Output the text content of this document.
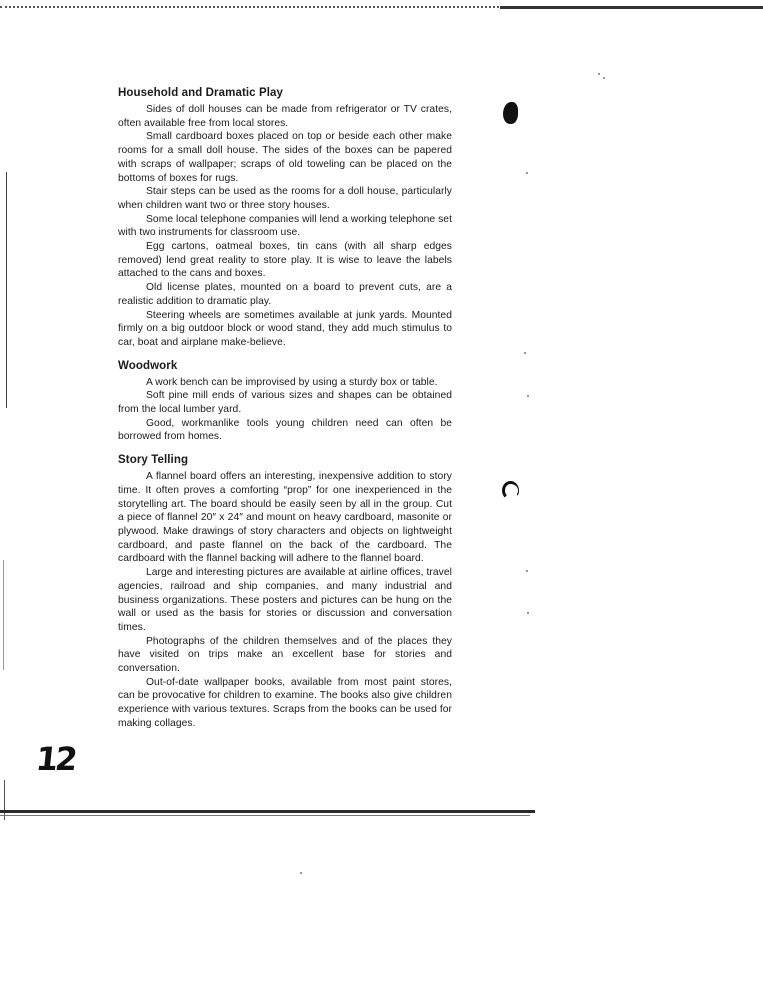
Household and Dramatic Play

Sides of doll houses can be made from refrigerator or TV crates, often available free from local stores.

Small cardboard boxes placed on top or beside each other make rooms for a small doll house. The sides of the boxes can be papered with scraps of wallpaper; scraps of old toweling can be placed on the bottoms of boxes for rugs.

Stair steps can be used as the rooms for a doll house, particularly when children want two or three story houses.

Some local telephone companies will lend a working telephone set with two instruments for classroom use.

Egg cartons, oatmeal boxes, tin cans (with all sharp edges removed) lend great reality to store play. It is wise to leave the labels attached to the cans and boxes.

Old license plates, mounted on a board to prevent cuts, are a realistic addition to dramatic play.

Steering wheels are sometimes available at junk yards. Mounted firmly on a big outdoor block or wood stand, they add much stimulus to car, boat and airplane make-believe.

Woodwork

A work bench can be improvised by using a sturdy box or table.

Soft pine mill ends of various sizes and shapes can be obtained from the local lumber yard.

Good, workmanlike tools young children need can often be borrowed from homes.

Story Telling

A flannel board offers an interesting, inexpensive addition to story time. It often proves a comforting “prop” for one inexperienced in the storytelling art. The board should be easily seen by all in the group. Cut a piece of flannel 20″ x 24″ and mount on heavy cardboard, masonite or plywood. Make drawings of story characters and objects on lightweight cardboard, and paste flannel on the back of the cardboard. The cardboard with the flannel backing will adhere to the flannel board.

Large and interesting pictures are available at airline offices, travel agencies, railroad and ship companies, and many industrial and business organizations. These posters and pictures can be hung on the wall or used as the basis for stories or discussion and conversation times.

Photographs of the children themselves and of the places they have visited on trips make an excellent base for stories and conversation.

Out-of-date wallpaper books, available from most paint stores, can be provocative for children to examine. The books also give children experience with various textures. Scraps from the books can be used for making collages.

12
